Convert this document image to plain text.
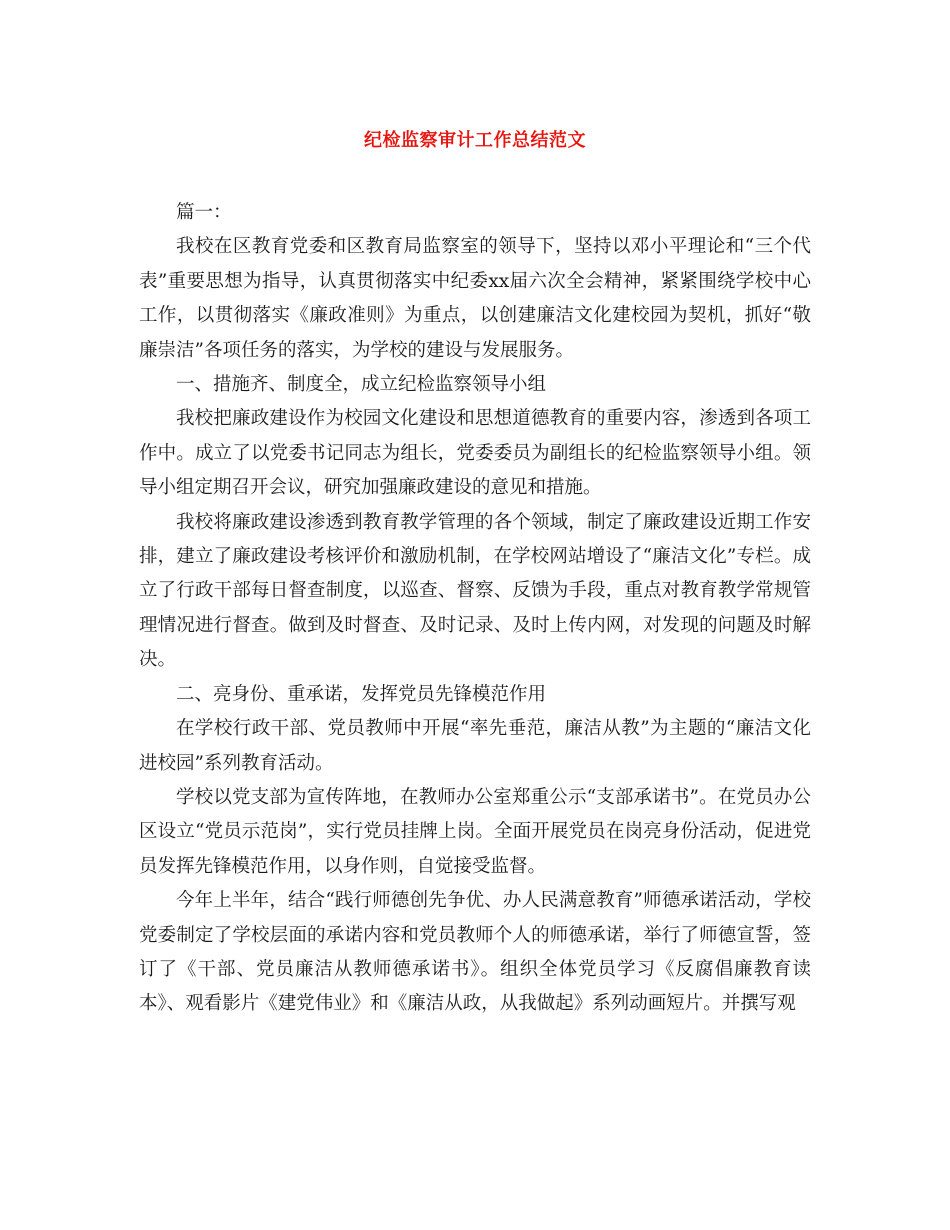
纪检监察审计工作总结范文

篇一：

我校在区教育党委和区教育局监察室的领导下，坚持以邓小平理论和“三个代表”重要思想为指导，认真贯彻落实中纪委xx届六次全会精神，紧紧围绕学校中心工作，以贯彻落实《廉政准则》为重点，以创建廉洁文化建校园为契机，抓好“敬廉崇洁”各项任务的落实，为学校的建设与发展服务。

一、措施齐、制度全，成立纪检监察领导小组

我校把廉政建设作为校园文化建设和思想道德教育的重要内容，渗透到各项工作中。成立了以党委书记同志为组长，党委委员为副组长的纪检监察领导小组。领导小组定期召开会议，研究加强廉政建设的意见和措施。

我校将廉政建设渗透到教育教学管理的各个领域，制定了廉政建设近期工作安排，建立了廉政建设考核评价和激励机制，在学校网站增设了“廉洁文化”专栏。成立了行政干部每日督查制度，以巡查、督察、反馈为手段，重点对教育教学常规管理情况进行督查。做到及时督查、及时记录、及时上传内网，对发现的问题及时解决。

二、亮身份、重承诺，发挥党员先锋模范作用

在学校行政干部、党员教师中开展“率先垂范，廉洁从教”为主题的“廉洁文化进校园”系列教育活动。

学校以党支部为宣传阵地，在教师办公室郑重公示“支部承诺书”。在党员办公区设立“党员示范岗”，实行党员挂牌上岗。全面开展党员在岗亮身份活动，促进党员发挥先锋模范作用，以身作则，自觉接受监督。

今年上半年，结合“践行师德创先争优、办人民满意教育”师德承诺活动，学校党委制定了学校层面的承诺内容和党员教师个人的师德承诺，举行了师德宣誓，签订了《干部、党员廉洁从教师德承诺书》。组织全体党员学习《反腐倡廉教育读本》、观看影片《建党伟业》和《廉洁从政，从我做起》系列动画短片。并撰写观
